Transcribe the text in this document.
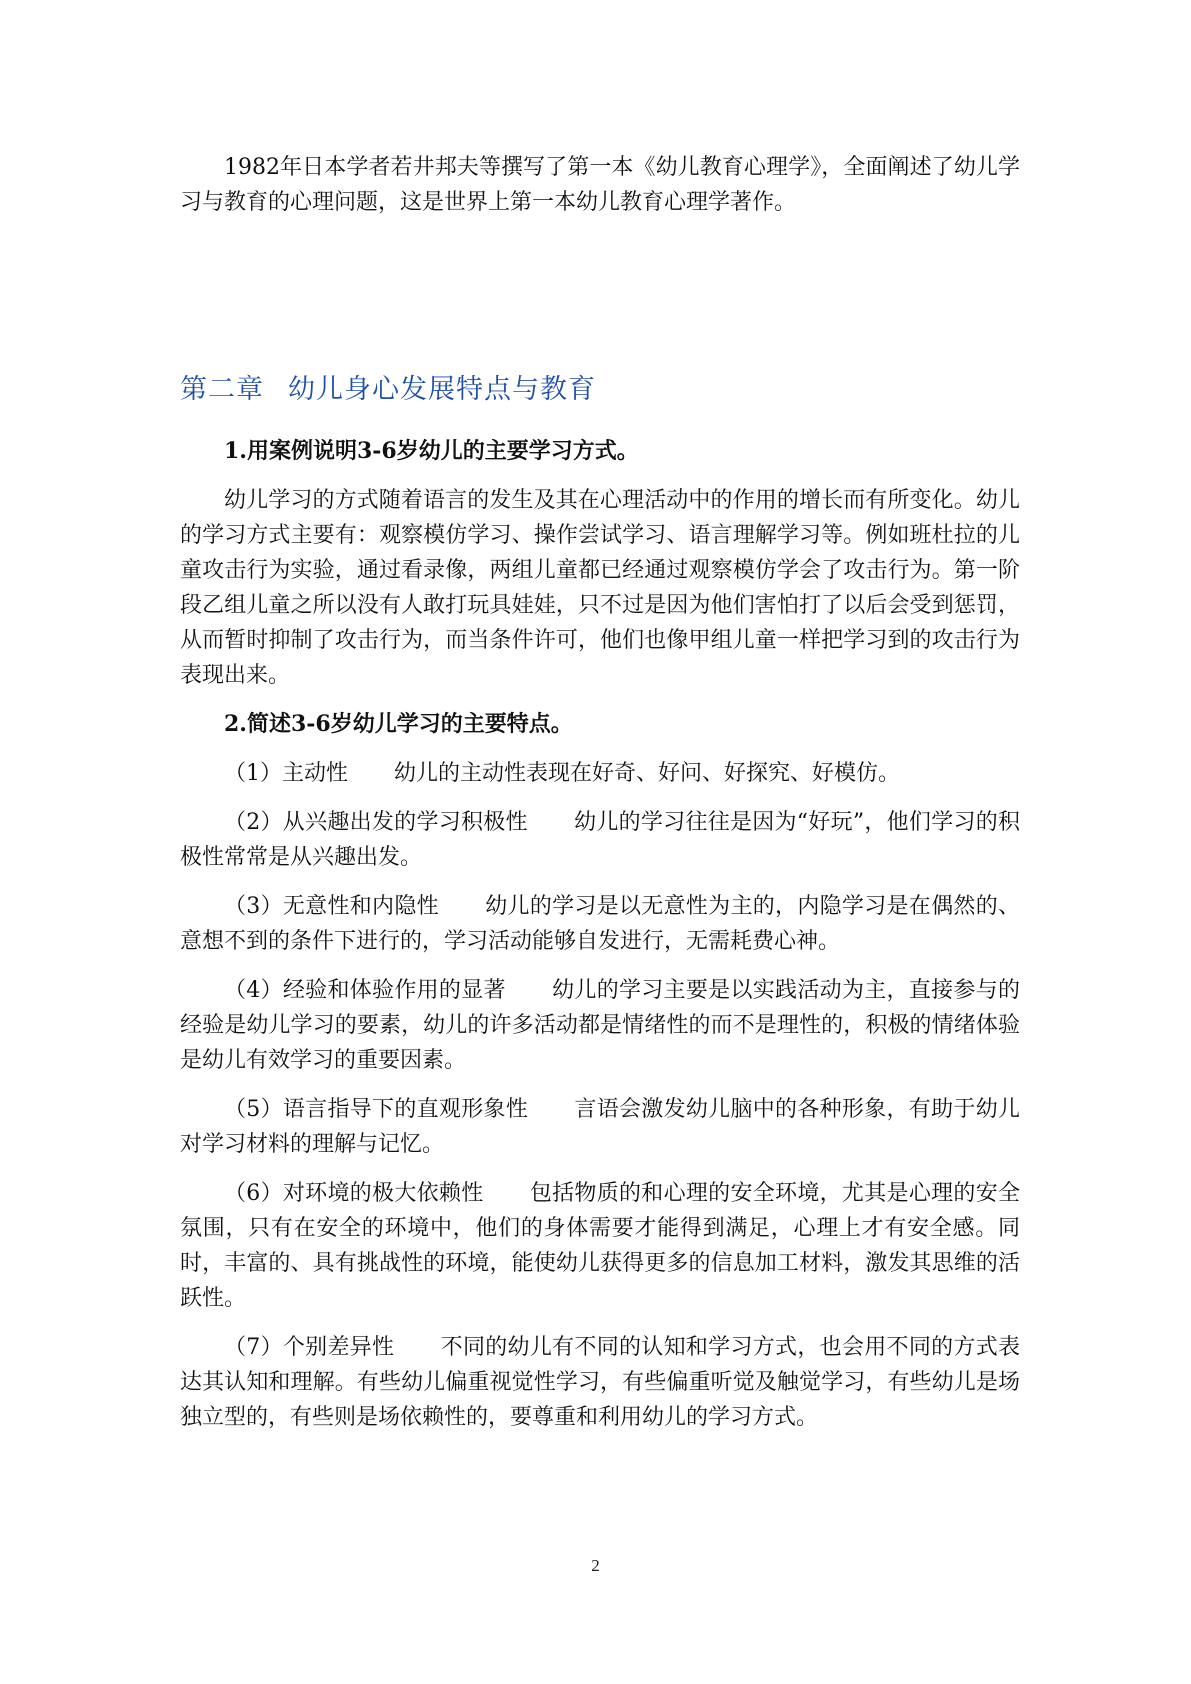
1982年日本学者若井邦夫等撰写了第一本《幼儿教育心理学》，全面阐述了幼儿学习与教育的心理问题，这是世界上第一本幼儿教育心理学著作。

第二章 幼儿身心发展特点与教育

1.用案例说明3-6岁幼儿的主要学习方式。

幼儿学习的方式随着语言的发生及其在心理活动中的作用的增长而有所变化。幼儿的学习方式主要有：观察模仿学习、操作尝试学习、语言理解学习等。例如班杜拉的儿童攻击行为实验，通过看录像，两组儿童都已经通过观察模仿学会了攻击行为。第一阶段乙组儿童之所以没有人敢打玩具娃娃，只不过是因为他们害怕打了以后会受到惩罚，从而暂时抑制了攻击行为，而当条件许可，他们也像甲组儿童一样把学习到的攻击行为表现出来。

2.简述3-6岁幼儿学习的主要特点。

（1）主动性 幼儿的主动性表现在好奇、好问、好探究、好模仿。

（2）从兴趣出发的学习积极性 幼儿的学习往往是因为“好玩”，他们学习的积极性常常是从兴趣出发。

（3）无意性和内隐性 幼儿的学习是以无意性为主的，内隐学习是在偶然的、意想不到的条件下进行的，学习活动能够自发进行，无需耗费心神。

（4）经验和体验作用的显著 幼儿的学习主要是以实践活动为主，直接参与的经验是幼儿学习的要素，幼儿的许多活动都是情绪性的而不是理性的，积极的情绪体验是幼儿有效学习的重要因素。

（5）语言指导下的直观形象性 言语会激发幼儿脑中的各种形象，有助于幼儿对学习材料的理解与记忆。

（6）对环境的极大依赖性 包括物质的和心理的安全环境，尤其是心理的安全氛围，只有在安全的环境中，他们的身体需要才能得到满足，心理上才有安全感。同时，丰富的、具有挑战性的环境，能使幼儿获得更多的信息加工材料，激发其思维的活跃性。

（7）个别差异性 不同的幼儿有不同的认知和学习方式，也会用不同的方式表达其认知和理解。有些幼儿偏重视觉性学习，有些偏重听觉及触觉学习，有些幼儿是场独立型的，有些则是场依赖性的，要尊重和利用幼儿的学习方式。

2
